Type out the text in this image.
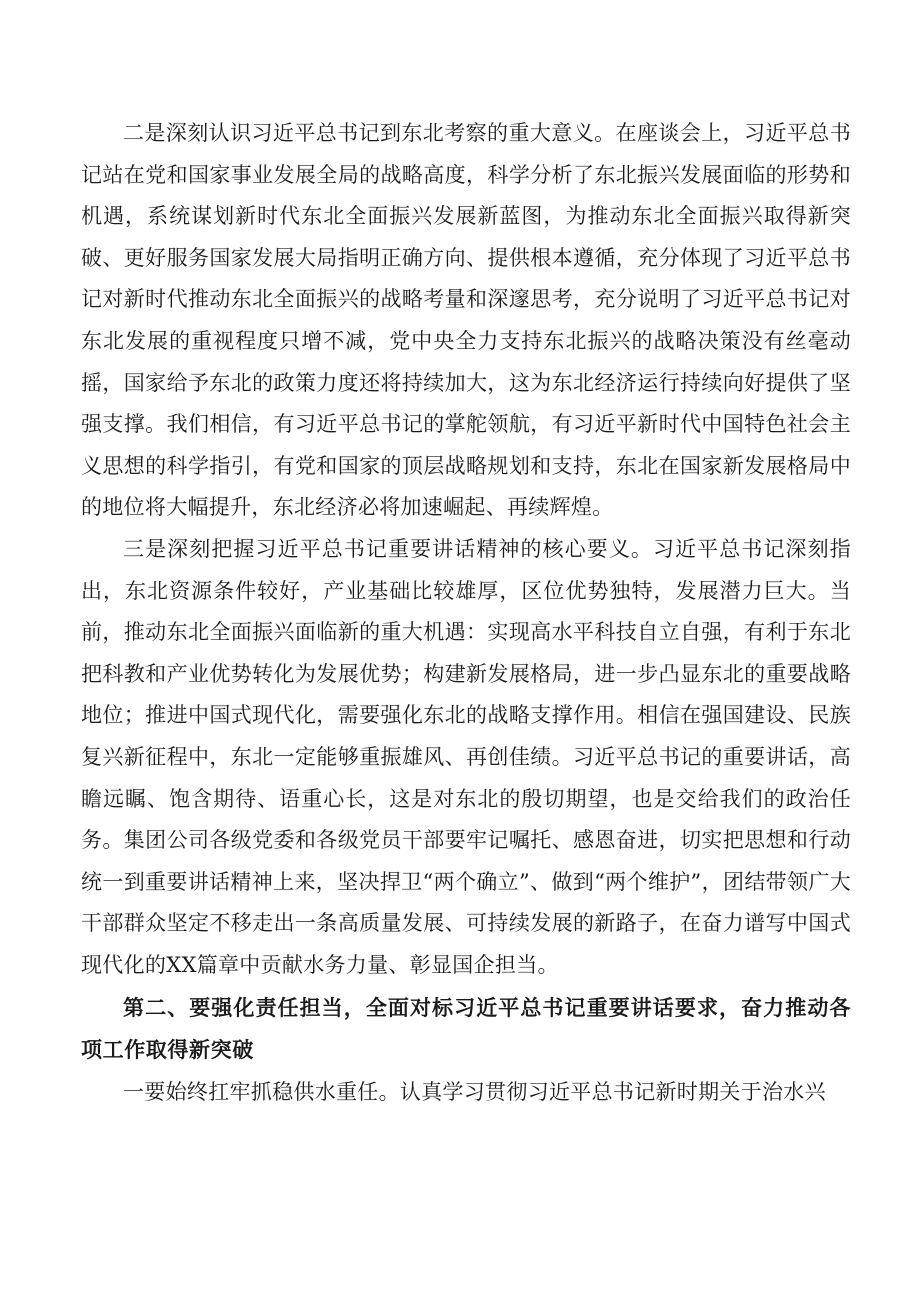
二是深刻认识习近平总书记到东北考察的重大意义。在座谈会上，习近平总书记站在党和国家事业发展全局的战略高度，科学分析了东北振兴发展面临的形势和机遇，系统谋划新时代东北全面振兴发展新蓝图，为推动东北全面振兴取得新突破、更好服务国家发展大局指明正确方向、提供根本遵循，充分体现了习近平总书记对新时代推动东北全面振兴的战略考量和深邃思考，充分说明了习近平总书记对东北发展的重视程度只增不减，党中央全力支持东北振兴的战略决策没有丝毫动摇，国家给予东北的政策力度还将持续加大，这为东北经济运行持续向好提供了坚强支撑。我们相信，有习近平总书记的掌舵领航，有习近平新时代中国特色社会主义思想的科学指引，有党和国家的顶层战略规划和支持，东北在国家新发展格局中的地位将大幅提升，东北经济必将加速崛起、再续辉煌。

三是深刻把握习近平总书记重要讲话精神的核心要义。习近平总书记深刻指出，东北资源条件较好，产业基础比较雄厚，区位优势独特，发展潜力巨大。当前，推动东北全面振兴面临新的重大机遇：实现高水平科技自立自强，有利于东北把科教和产业优势转化为发展优势；构建新发展格局，进一步凸显东北的重要战略地位；推进中国式现代化，需要强化东北的战略支撑作用。相信在强国建设、民族复兴新征程中，东北一定能够重振雄风、再创佳绩。习近平总书记的重要讲话，高瞻远瞩、饱含期待、语重心长，这是对东北的殷切期望，也是交给我们的政治任务。集团公司各级党委和各级党员干部要牢记嘱托、感恩奋进，切实把思想和行动统一到重要讲话精神上来，坚决捍卫“两个确立”、做到“两个维护”，团结带领广大干部群众坚定不移走出一条高质量发展、可持续发展的新路子，在奋力谱写中国式现代化的XX篇章中贡献水务力量、彰显国企担当。

第二、要强化责任担当，全面对标习近平总书记重要讲话要求，奋力推动各项工作取得新突破

一要始终扛牢抓稳供水重任。认真学习贯彻习近平总书记新时期关于治水兴
